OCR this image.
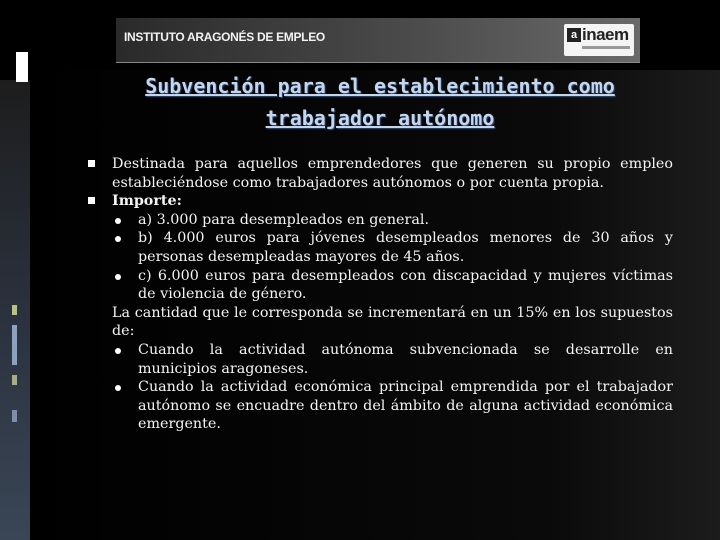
INSTITUTO ARAGONÉS DE EMPLEO	a inaem
Subvención para el establecimiento como trabajador autónomo
Destinada para aquellos emprendedores que generen su propio empleo estableciéndose como trabajadores autónomos o por cuenta propia.
Importe:
a) 3.000 para desempleados en general.
b) 4.000 euros para jóvenes desempleados menores de 30 años y personas desempleadas mayores de 45 años.
c) 6.000 euros para desempleados con discapacidad y mujeres víctimas de violencia de género.
La cantidad que le corresponda se incrementará en un 15% en los supuestos de:
Cuando la actividad autónoma subvencionada se desarrolle en municipios aragoneses.
Cuando la actividad económica principal emprendida por el trabajador autónomo se encuadre dentro del ámbito de alguna actividad económica emergente.
